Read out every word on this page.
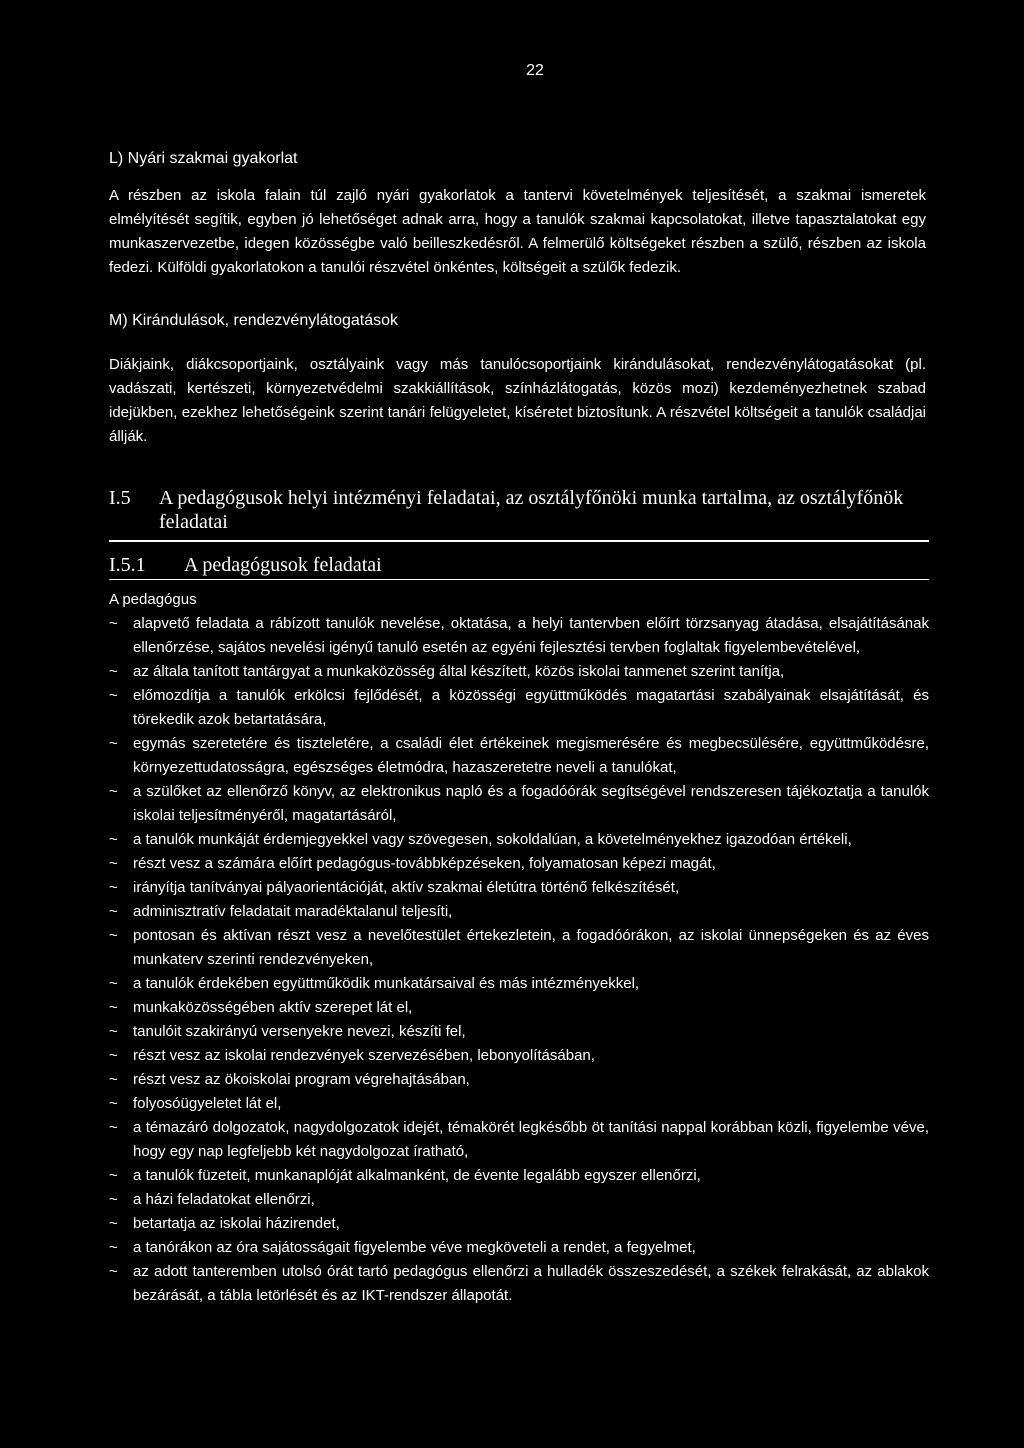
22
L) Nyári szakmai gyakorlat
A részben az iskola falain túl zajló nyári gyakorlatok a tantervi követelmények teljesítését, a szakmai ismeretek elmélyítését segítik, egyben jó lehetőséget adnak arra, hogy a tanulók szakmai kapcsolatokat, illetve tapasztalatokat egy munkaszervezetbe, idegen közösségbe való beilleszkedésről. A felmerülő költségeket részben a szülő, részben az iskola fedezi. Külföldi gyakorlatokon a tanulói részvétel önkéntes, költségeit a szülők fedezik.
M) Kirándulások, rendezvénylátogatások
Diákjaink, diákcsoportjaink, osztályaink vagy más tanulócsoportjaink kirándulásokat, rendezvénylátogatásokat (pl. vadászati, kertészeti, környezetvédelmi szakkiállítások, színházlátogatás, közös mozi) kezdeményezhetnek szabad idejükben, ezekhez lehetőségeink szerint tanári felügyeletet, kíséretet biztosítunk. A részvétel költségeit a tanulók családjai állják.
I.5 A pedagógusok helyi intézményi feladatai, az osztályfőnöki munka tartalma, az osztályfőnök feladatai
I.5.1 A pedagógusok feladatai
A pedagógus
~ alapvető feladata a rábízott tanulók nevelése, oktatása, a helyi tantervben előírt törzsanyag átadása, elsajátításának ellenőrzése, sajátos nevelési igényű tanuló esetén az egyéni fejlesztési tervben foglaltak figyelembevételével,
~ az általa tanított tantárgyat a munkaközösség által készített, közös iskolai tanmenet szerint tanítja,
~ előmozdítja a tanulók erkölcsi fejlődését, a közösségi együttműködés magatartási szabályainak elsajátítását, és törekedik azok betartatására,
~ egymás szeretetére és tiszteletére, a családi élet értékeinek megismerésére és megbecsülésére, együttműködésre, környezettudatosságra, egészséges életmódra, hazaszeretetre neveli a tanulókat,
~ a szülőket az ellenőrző könyv, az elektronikus napló és a fogadóórák segítségével rendszeresen tájékoztatja a tanulók iskolai teljesítményéről, magatartásáról,
~ a tanulók munkáját érdemjegyekkel vagy szövegesen, sokoldalúan, a követelményekhez igazodóan értékeli,
~ részt vesz a számára előírt pedagógus-továbbképzéseken, folyamatosan képezi magát,
~ irányítja tanítványai pályaorientációját, aktív szakmai életútra történő felkészítését,
~ adminisztratív feladatait maradéktalanul teljesíti,
~ pontosan és aktívan részt vesz a nevelőtestület értekezletein, a fogadóórákon, az iskolai ünnepségeken és az éves munkaterv szerinti rendezvényeken,
~ a tanulók érdekében együttműködik munkatársaival és más intézményekkel,
~ munkaközösségében aktív szerepet lát el,
~ tanulóit szakirányú versenyekre nevezi, készíti fel,
~ részt vesz az iskolai rendezvények szervezésében, lebonyolításában,
~ részt vesz az ökoiskolai program végrehajtásában,
~ folyosóügyeletet lát el,
~ a témazáró dolgozatok, nagydolgozatok idejét, témakörét legkésőbb öt tanítási nappal korábban közli, figyelembe véve, hogy egy nap legfeljebb két nagydolgozat íratható,
~ a tanulók füzeteit, munkanaplóját alkalmanként, de évente legalább egyszer ellenőrzi,
~ a házi feladatokat ellenőrzi,
~ betartatja az iskolai házirendet,
~ a tanórákon az óra sajátosságait figyelembe véve megköveteli a rendet, a fegyelmet,
~ az adott tanteremben utolsó órát tartó pedagógus ellenőrzi a hulladék összeszedését, a székek felrakását, az ablakok bezárását, a tábla letörlését és az IKT-rendszer állapotát.
